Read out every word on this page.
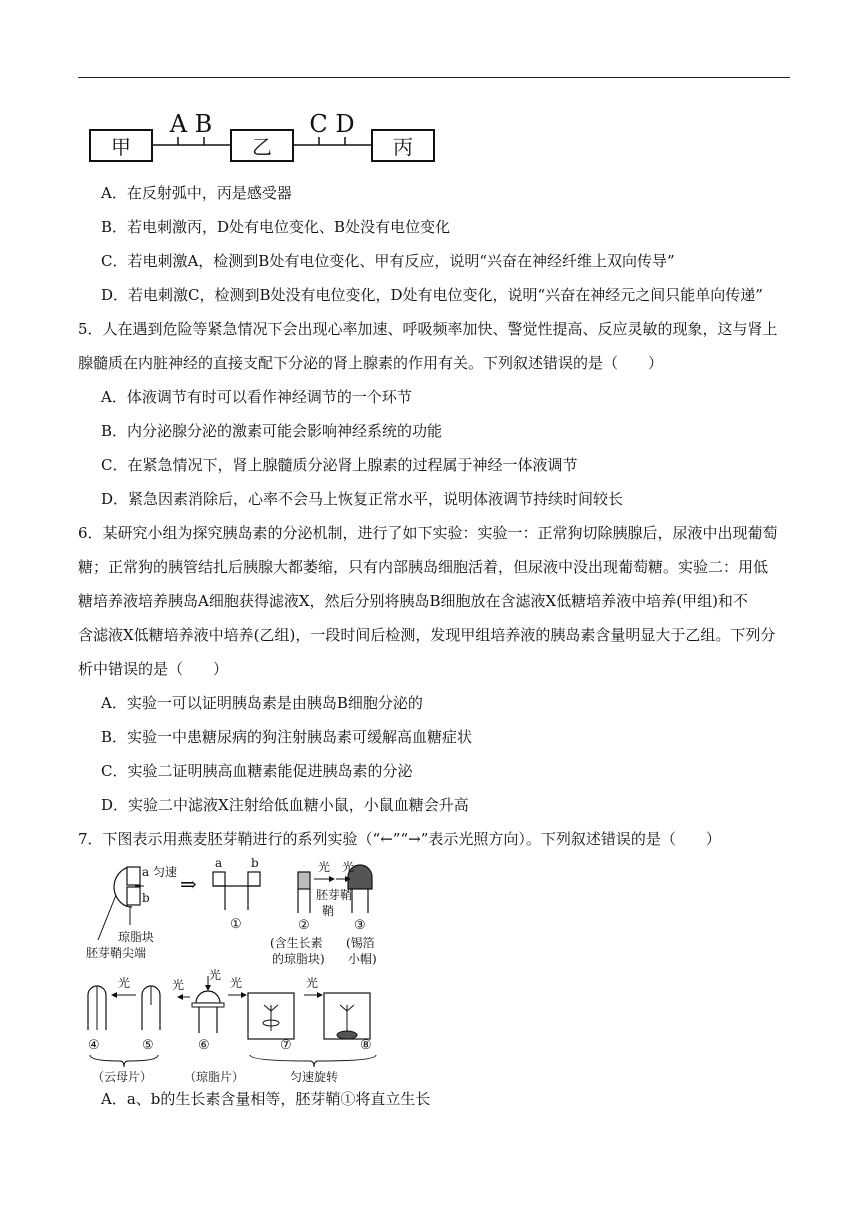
甲	乙	丙
A B	C D
A．在反射弧中，丙是感受器
B．若电刺激丙，D处有电位变化、B处没有电位变化
C．若电刺激A，检测到B处有电位变化、甲有反应，说明“兴奋在神经纤维上双向传导”
D．若电刺激C，检测到B处没有电位变化，D处有电位变化，说明“兴奋在神经元之间只能单向传递”
5．人在遇到危险等紧急情况下会出现心率加速、呼吸频率加快、警觉性提高、反应灵敏的现象，这与肾上
腺髓质在内脏神经的直接支配下分泌的肾上腺素的作用有关。下列叙述错误的是（　　）
A．体液调节有时可以看作神经调节的一个环节
B．内分泌腺分泌的激素可能会影响神经系统的功能
C．在紧急情况下，肾上腺髓质分泌肾上腺素的过程属于神经一体液调节
D．紧急因素消除后，心率不会马上恢复正常水平，说明体液调节持续时间较长
6．某研究小组为探究胰岛素的分泌机制，进行了如下实验：实验一：正常狗切除胰腺后，尿液中出现葡萄
糖；正常狗的胰管结扎后胰腺大都萎缩，只有内部胰岛细胞活着，但尿液中没出现葡萄糖。实验二：用低
糖培养液培养胰岛A细胞获得滤液X，然后分别将胰岛B细胞放在含滤液X低糖培养液中培养(甲组)和不
含滤液X低糖培养液中培养(乙组)，一段时间后检测，发现甲组培养液的胰岛素含量明显大于乙组。下列分
析中错误的是（　　）
A．实验一可以证明胰岛素是由胰岛B细胞分泌的
B．实验一中患糖尿病的狗注射胰岛素可缓解高血糖症状
C．实验二证明胰高血糖素能促进胰岛素的分泌
D．实验二中滤液X注射给低血糖小鼠，小鼠血糖会升高
7．下图表示用燕麦胚芽鞘进行的系列实验（“←”“→”表示光照方向）。下列叙述错误的是（　　）
a 匀速
b
琼脂块
胚芽鞘尖端
⇒
a b
①
光 光
胚芽鞘
鞘
②	③
(含生长素
的琼脂块)
(锡箔
小帽)
光
④	⑤
（云母片）
光
光
⑥
（琼脂片）
光	光
⑦	⑧
匀速旋转
A．a、b的生长素含量相等，胚芽鞘①将直立生长
